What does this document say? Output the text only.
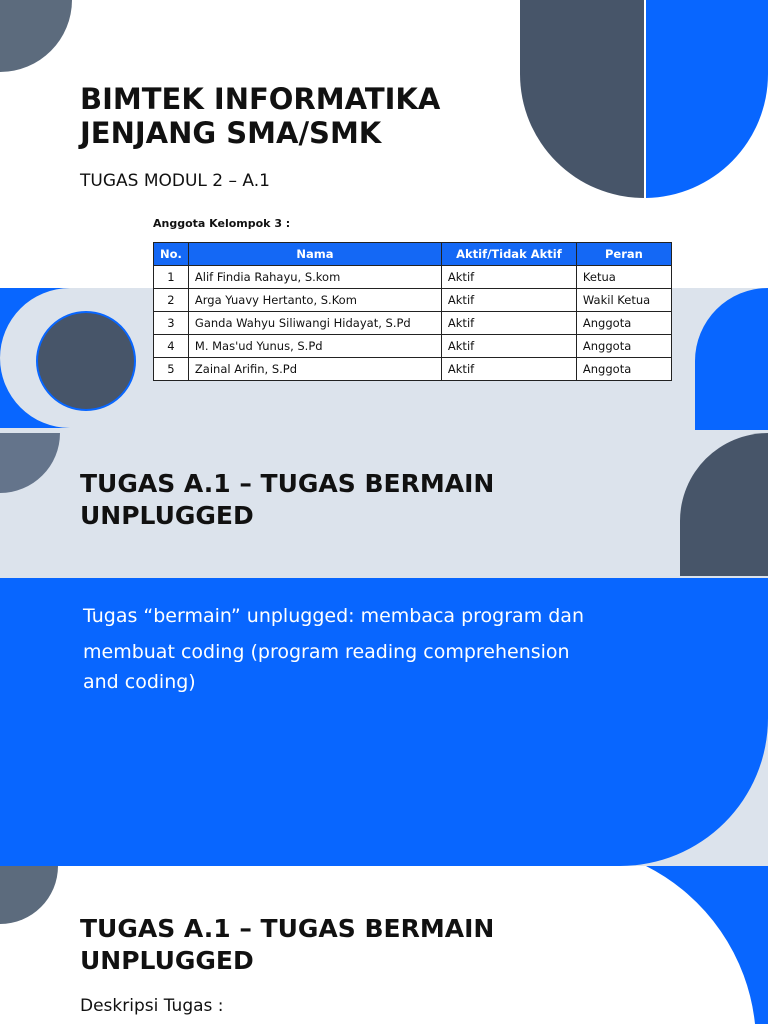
BIMTEK INFORMATIKA
JENJANG SMA/SMK
TUGAS MODUL 2 – A.1
Anggota Kelompok 3 :
No.	Nama	Aktif/Tidak Aktif	Peran
1	Alif Findia Rahayu, S.kom	Aktif	Ketua
2	Arga Yuavy Hertanto, S.Kom	Aktif	Wakil Ketua
3	Ganda Wahyu Siliwangi Hidayat, S.Pd	Aktif	Anggota
4	M. Mas'ud Yunus, S.Pd	Aktif	Anggota
5	Zainal Arifin, S.Pd	Aktif	Anggota
TUGAS A.1 – TUGAS BERMAIN
UNPLUGGED
Tugas “bermain” unplugged: membaca program dan
membuat coding (program reading comprehension
and coding)
TUGAS A.1 – TUGAS BERMAIN
UNPLUGGED
Deskripsi Tugas :
